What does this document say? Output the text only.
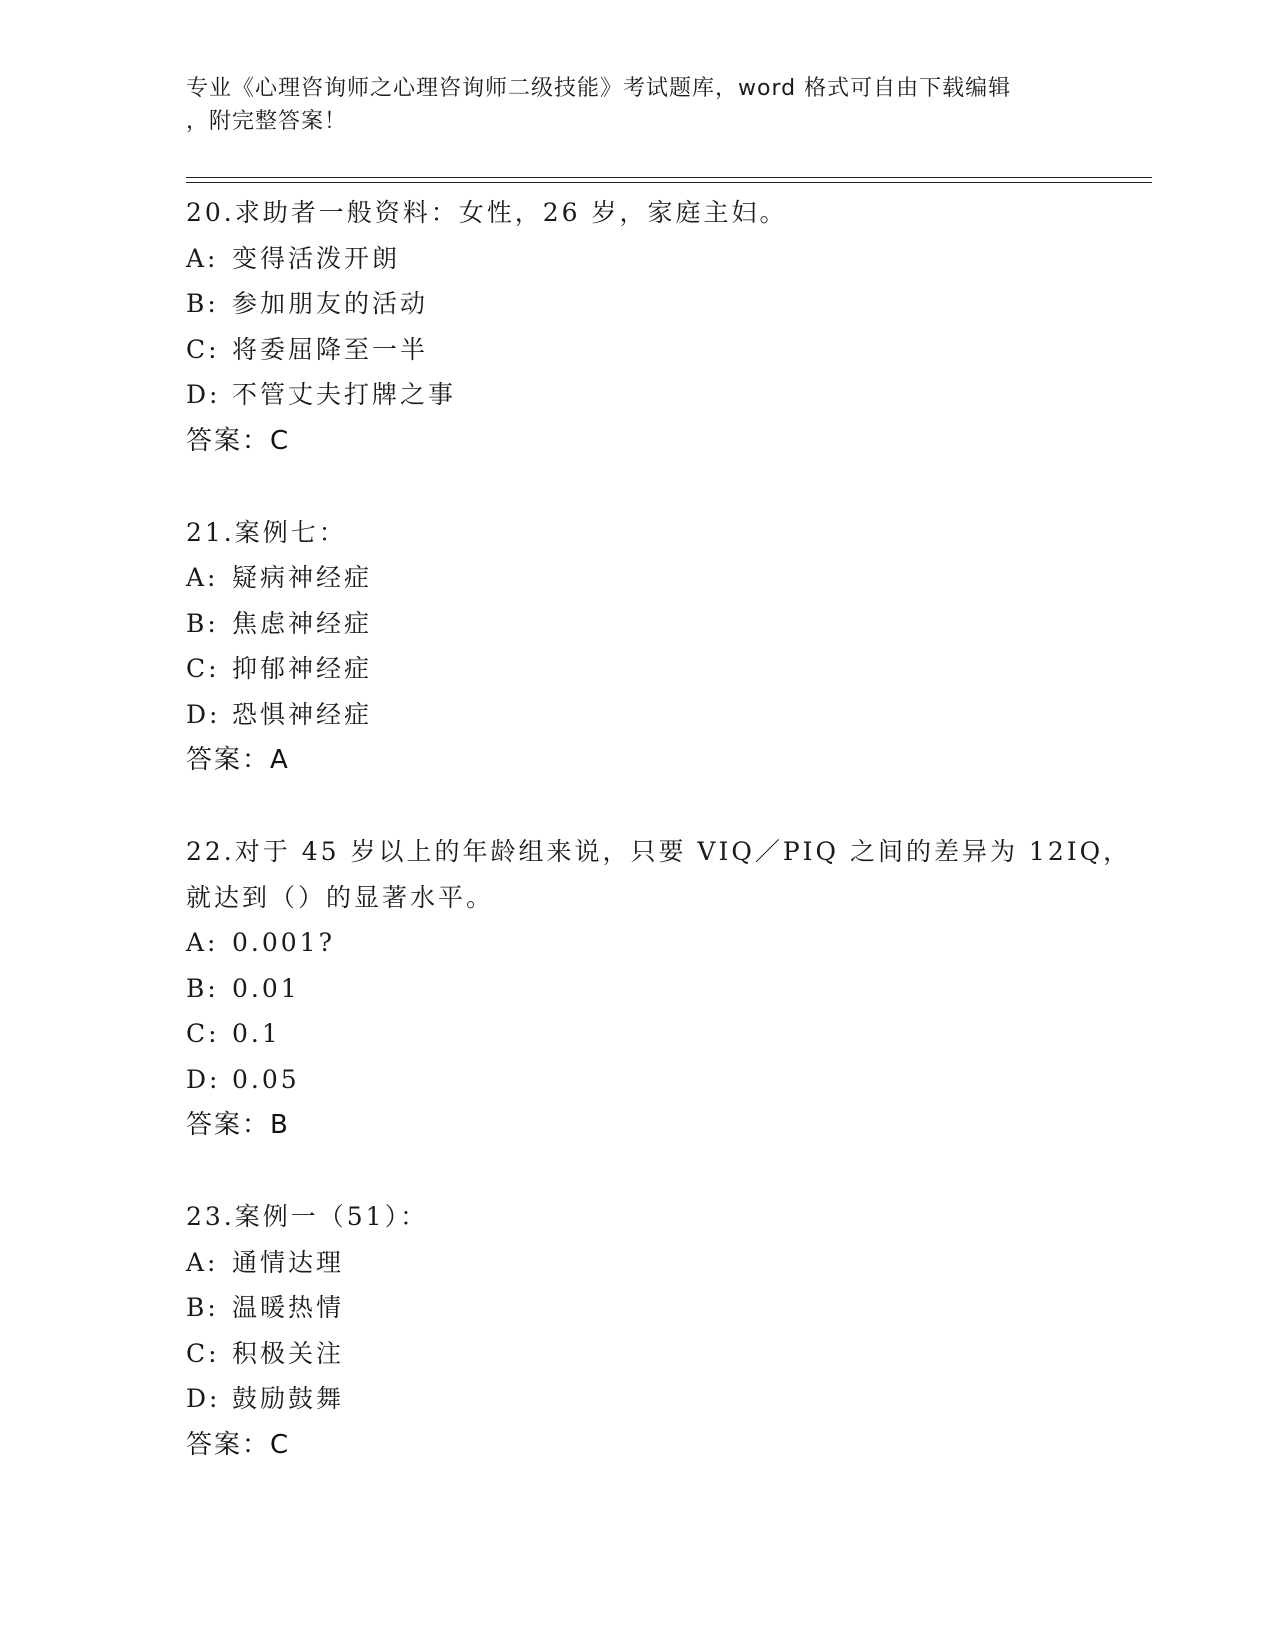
专业《心理咨询师之心理咨询师二级技能》考试题库，word 格式可自由下载编辑
，附完整答案！
20.求助者一般资料：女性，26 岁，家庭主妇。
A: 变得活泼开朗
B: 参加朋友的活动
C: 将委屈降至一半
D: 不管丈夫打牌之事
答案：C
21.案例七：
A: 疑病神经症
B: 焦虑神经症
C: 抑郁神经症
D: 恐惧神经症
答案：A
22.对于 45 岁以上的年龄组来说，只要 VIQ／PIQ 之间的差异为 12IQ，
就达到（）的显著水平。
A: 0.001?
B: 0.01
C: 0.1
D: 0.05
答案：B
23.案例一（51）：
A: 通情达理
B: 温暖热情
C: 积极关注
D: 鼓励鼓舞
答案：C
